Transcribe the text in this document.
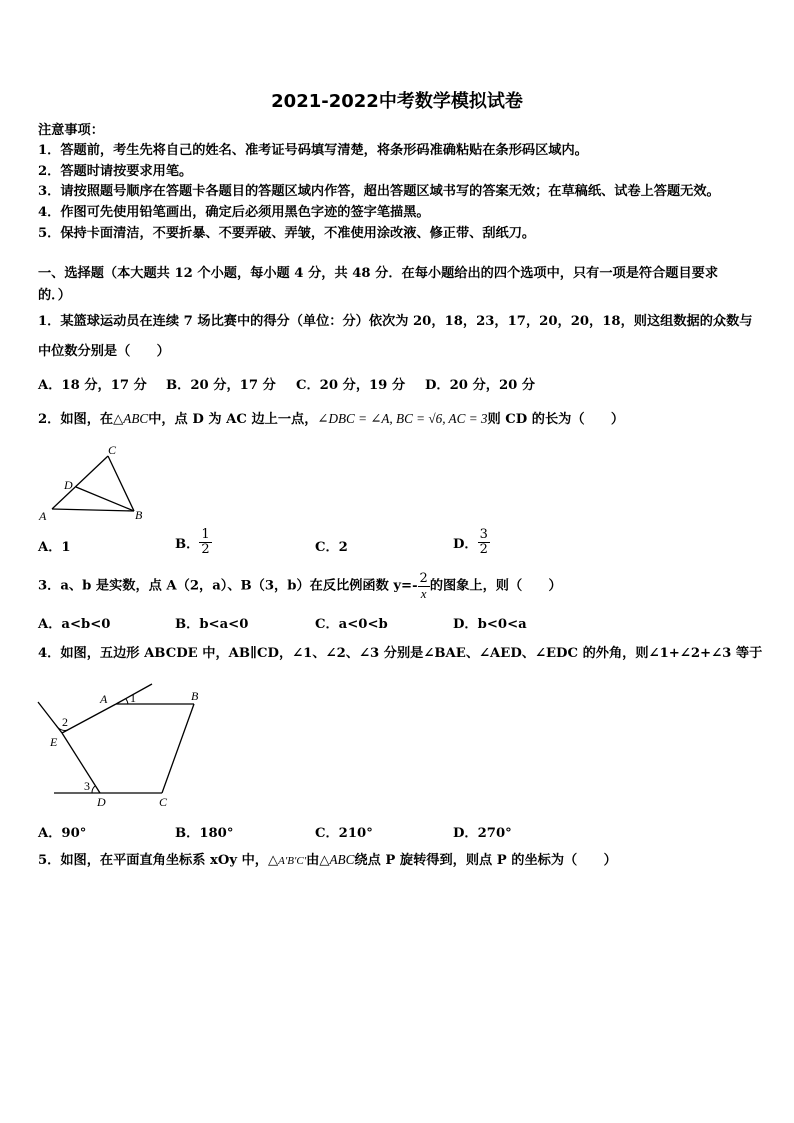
2021-2022中考数学模拟试卷
注意事项：
1．答题前，考生先将自己的姓名、准考证号码填写清楚，将条形码准确粘贴在条形码区域内。
2．答题时请按要求用笔。
3．请按照题号顺序在答题卡各题目的答题区域内作答，超出答题区域书写的答案无效；在草稿纸、试卷上答题无效。
4．作图可先使用铅笔画出，确定后必须用黑色字迹的签字笔描黑。
5．保持卡面清洁，不要折暴、不要弄破、弄皱，不准使用涂改液、修正带、刮纸刀。
一、选择题（本大题共 12 个小题，每小题 4 分，共 48 分．在每小题给出的四个选项中，只有一项是符合题目要求
的．）
1．某篮球运动员在连续 7 场比赛中的得分（单位：分）依次为 20，18，23，17，20，20，18，则这组数据的众数与
中位数分别是（　　）
A．18 分，17 分 B．20 分，17 分 C．20 分，19 分 D．20 分，20 分
2．如图，在△ABC中，点 D 为 AC 边上一点，∠DBC = ∠A, BC = √6, AC = 3则 CD 的长为（　　）
C
D
A	B
A．1	B． $\frac{1}{2}$	C．2	D． $\frac{3}{2}$
3．a、b 是实数，点 A（2，a）、B（3，b）在反比例函数 $y=- \frac{2}{x}$ 的图象上，则（　　）
A．a<b<0	B．b<a<0	C．a<0<b	D．b<0<a
4．如图，五边形 ABCDE 中，AB∥CD，∠1、∠2、∠3 分别是∠BAE、∠AED、∠EDC 的外角，则∠1+∠2+∠3 等于
A 1	B
2
E
3
D	C
A．90°	B．180°	C．210°	D．270°
5．如图，在平面直角坐标系 xOy 中，△A′B′C′由△ABC绕点 P 旋转得到，则点 P 的坐标为（　　）
